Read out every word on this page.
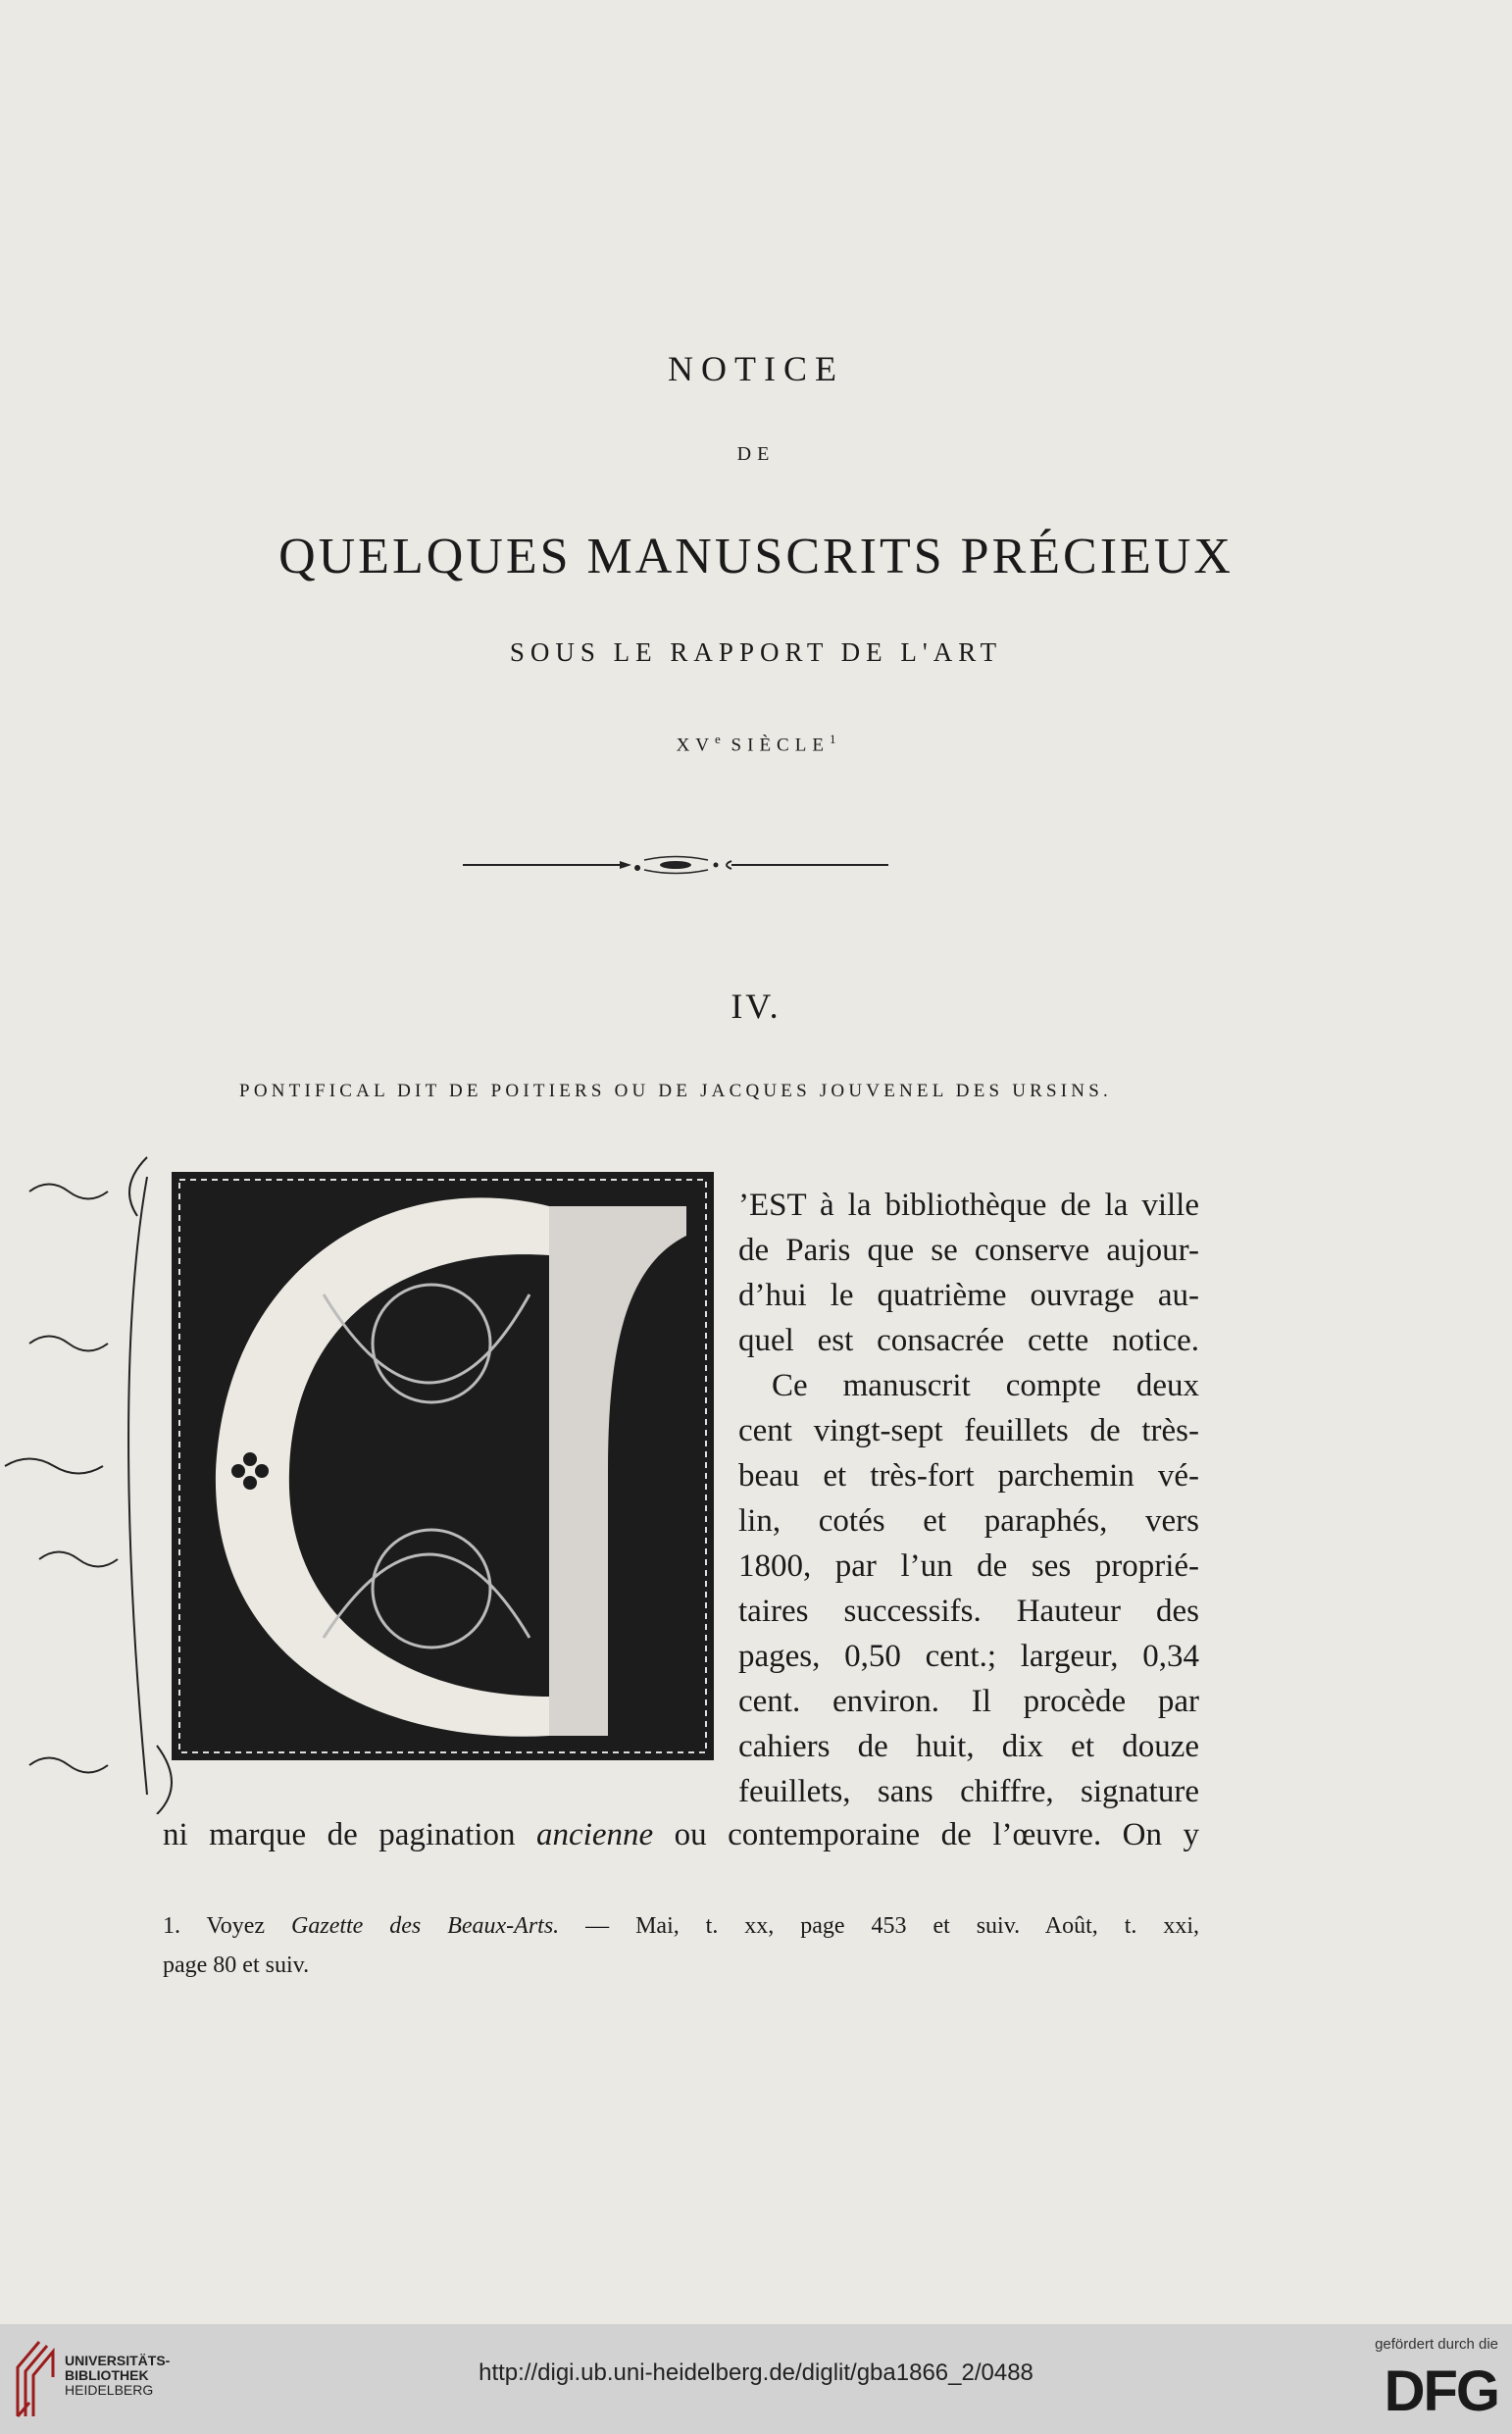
NOTICE
DE
QUELQUES MANUSCRITS PRÉCIEUX
SOUS LE RAPPORT DE L'ART
XVe SIÈCLE$^1$
IV.
PONTIFICAL DIT DE POITIERS OU DE JACQUES JOUVENEL DES URSINS.
’EST à la bibliothèque de la ville
de Paris que se conserve aujour-
d’hui le quatrième ouvrage au-
quel est consacrée cette notice.
Ce manuscrit compte deux
cent vingt-sept feuillets de très-
beau et très-fort parchemin vé-
lin, cotés et paraphés, vers
1800, par l’un de ses proprié-
taires successifs. Hauteur des
pages, 0,50 cent.; largeur, 0,34
cent. environ. Il procède par
cahiers de huit, dix et douze
feuillets, sans chiffre, signature
ni marque de pagination ancienne ou contemporaine de l’œuvre. On y
1. Voyez Gazette des Beaux-Arts. — Mai, t. xx, page 453 et suiv. Août, t. xxi,
page 80 et suiv.
UNIVERSITÄTS-
BIBLIOTHEK
HEIDELBERG
http://digi.ub.uni-heidelberg.de/diglit/gba1866_2/0488
gefördert durch die
DFG
